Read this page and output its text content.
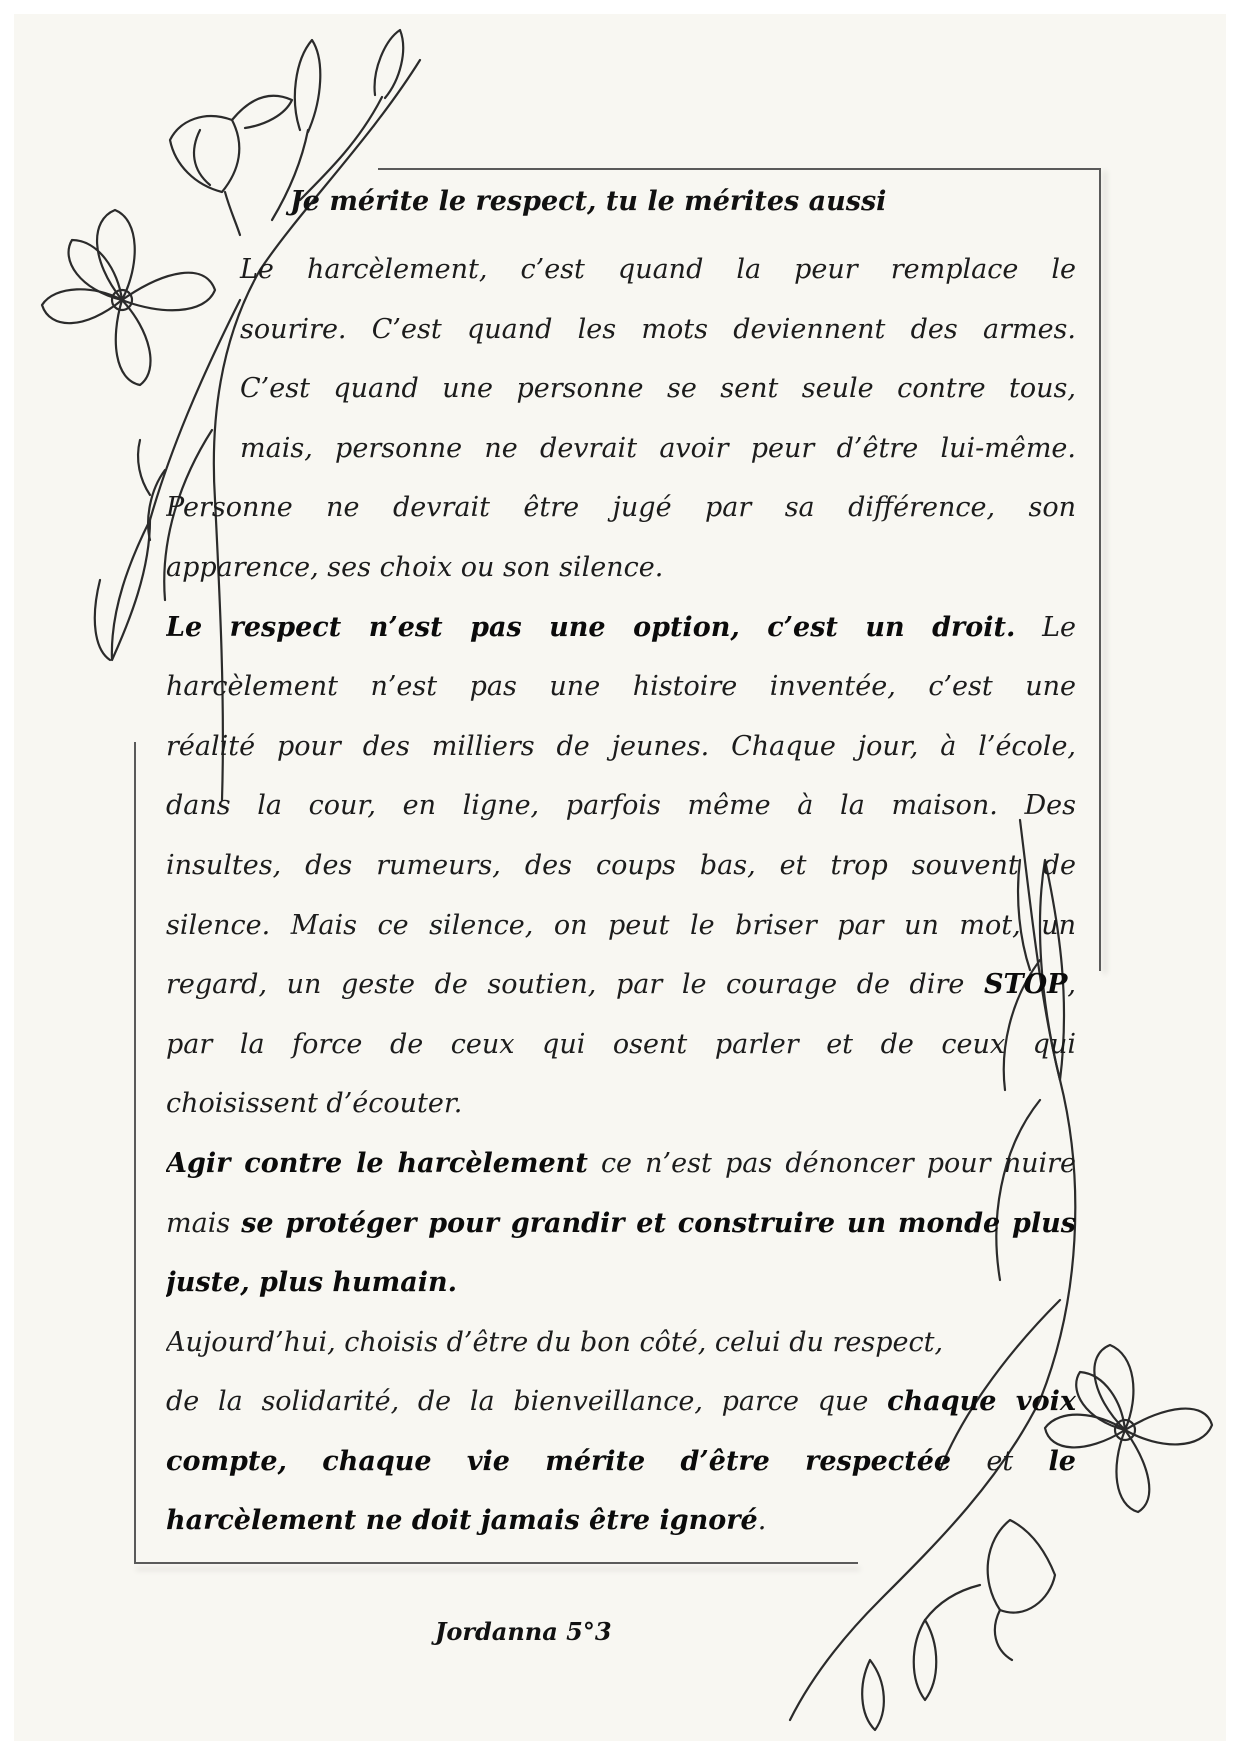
Je mérite le respect, tu le mérites aussi
Le harcèlement, c’est quand la peur remplace le
sourire. C’est quand les mots deviennent des armes.
C’est quand une personne se sent seule contre tous,
mais, personne ne devrait avoir peur d’être lui-même.
Personne ne devrait être jugé par sa différence, son
apparence, ses choix ou son silence.
Le respect n’est pas une option, c’est un droit. Le
harcèlement n’est pas une histoire inventée, c’est une
réalité pour des milliers de jeunes. Chaque jour, à l’école,
dans la cour, en ligne, parfois même à la maison. Des
insultes, des rumeurs, des coups bas, et trop souvent de
silence. Mais ce silence, on peut le briser par un mot, un
regard, un geste de soutien, par le courage de dire STOP,
par la force de ceux qui osent parler et de ceux qui
choisissent d’écouter.
Agir contre le harcèlement ce n’est pas dénoncer pour nuire
mais se protéger pour grandir et construire un monde plus
juste, plus humain.
Aujourd’hui, choisis d’être du bon côté, celui du respect,
de la solidarité, de la bienveillance, parce que chaque voix
compte, chaque vie mérite d’être respectée et le
harcèlement ne doit jamais être ignoré.
Jordanna 5°3
